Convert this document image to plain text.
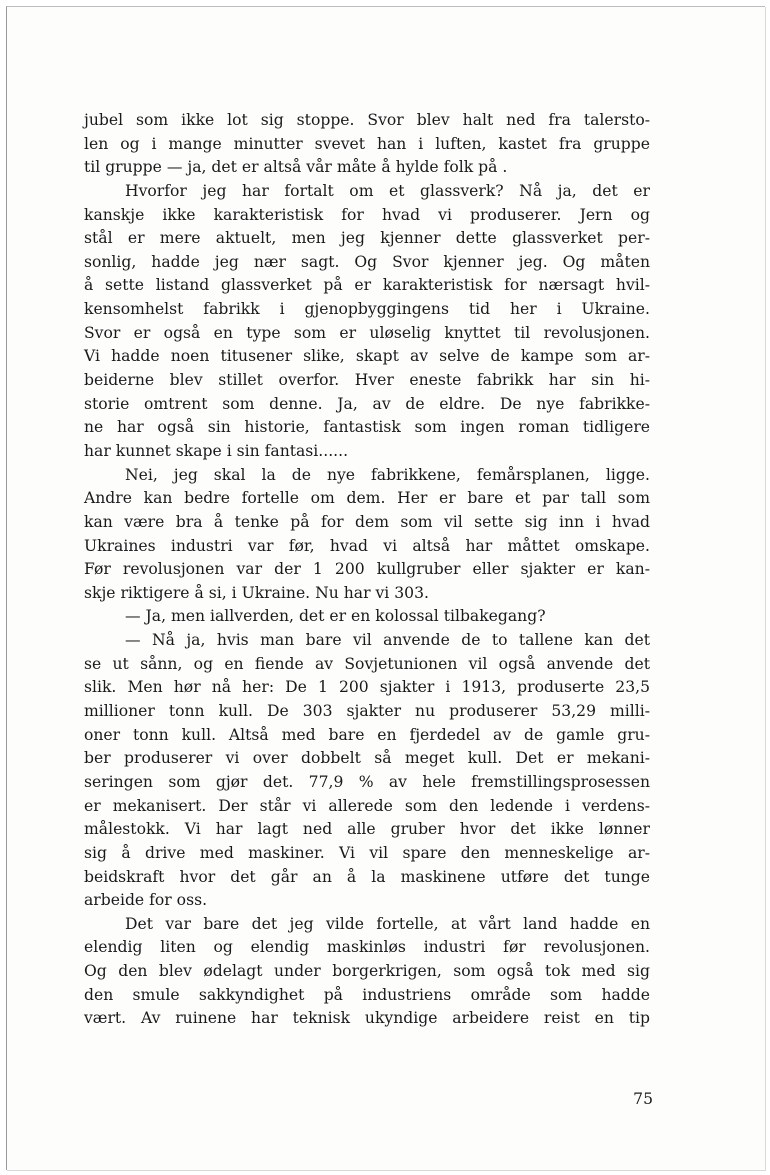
jubel som ikke lot sig stoppe. Svor blev halt ned fra talersto-
len og i mange minutter svevet han i luften, kastet fra gruppe
til gruppe — ja, det er altså vår måte å hylde folk på .
Hvorfor jeg har fortalt om et glassverk? Nå ja, det er
kanskje ikke karakteristisk for hvad vi produserer. Jern og
stål er mere aktuelt, men jeg kjenner dette glassverket per-
sonlig, hadde jeg nær sagt. Og Svor kjenner jeg. Og måten
å sette listand glassverket på er karakteristisk for nærsagt hvil-
kensomhelst fabrikk i gjenopbyggingens tid her i Ukraine.
Svor er også en type som er uløselig knyttet til revolusjonen.
Vi hadde noen titusener slike, skapt av selve de kampe som ar-
beiderne blev stillet overfor. Hver eneste fabrikk har sin hi-
storie omtrent som denne. Ja, av de eldre. De nye fabrikke-
ne har også sin historie, fantastisk som ingen roman tidligere
har kunnet skape i sin fantasi......
Nei, jeg skal la de nye fabrikkene, femårsplanen, ligge.
Andre kan bedre fortelle om dem. Her er bare et par tall som
kan være bra å tenke på for dem som vil sette sig inn i hvad
Ukraines industri var før, hvad vi altså har måttet omskape.
Før revolusjonen var der 1 200 kullgruber eller sjakter er kan-
skje riktigere å si, i Ukraine. Nu har vi 303.
— Ja, men iallverden, det er en kolossal tilbakegang?
— Nå ja, hvis man bare vil anvende de to tallene kan det
se ut sånn, og en fiende av Sovjetunionen vil også anvende det
slik. Men hør nå her: De 1 200 sjakter i 1913, produserte 23,5
millioner tonn kull. De 303 sjakter nu produserer 53,29 milli-
oner tonn kull. Altså med bare en fjerdedel av de gamle gru-
ber produserer vi over dobbelt så meget kull. Det er mekani-
seringen som gjør det. 77,9 % av hele fremstillingsprosessen
er mekanisert. Der står vi allerede som den ledende i verdens-
målestokk. Vi har lagt ned alle gruber hvor det ikke lønner
sig å drive med maskiner. Vi vil spare den menneskelige ar-
beidskraft hvor det går an å la maskinene utføre det tunge
arbeide for oss.
Det var bare det jeg vilde fortelle, at vårt land hadde en
elendig liten og elendig maskinløs industri før revolusjonen.
Og den blev ødelagt under borgerkrigen, som også tok med sig
den smule sakkyndighet på industriens område som hadde
vært. Av ruinene har teknisk ukyndige arbeidere reist en tip
75
